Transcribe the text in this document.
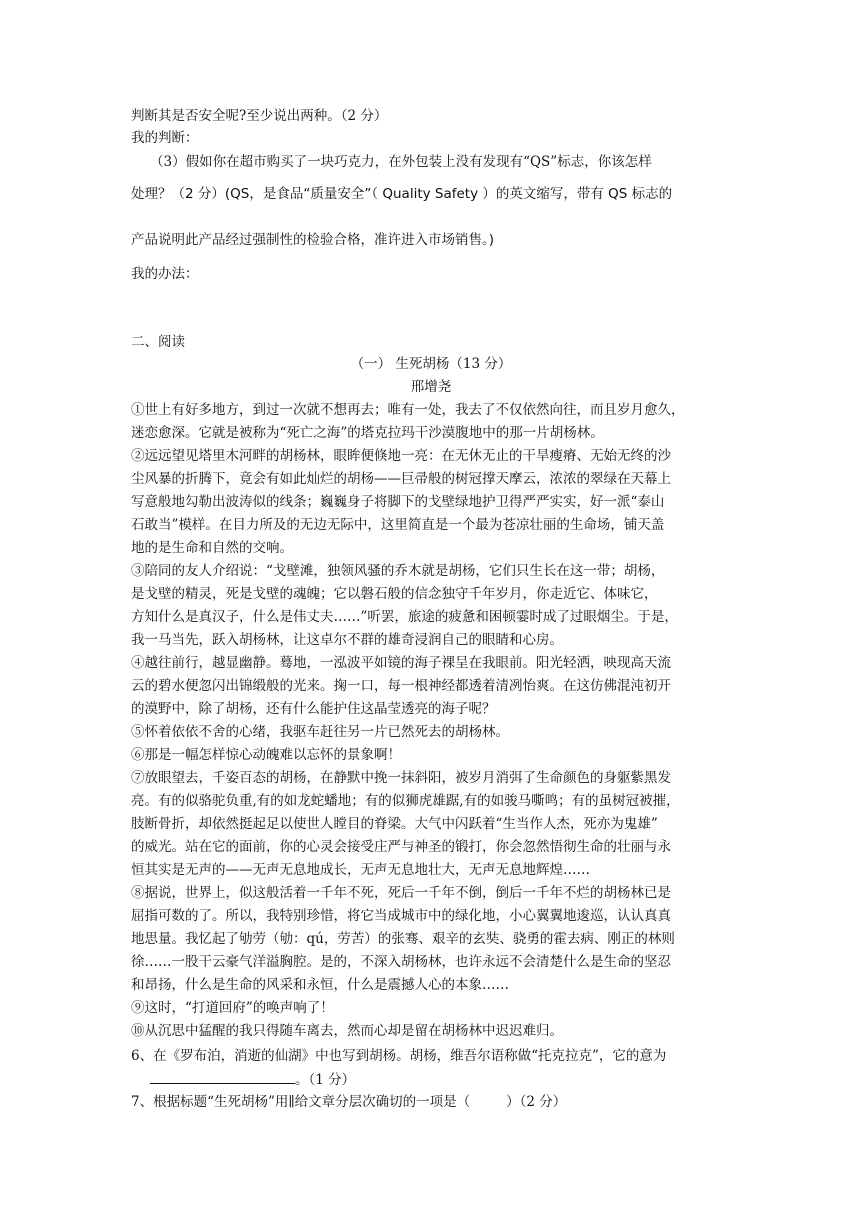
判断其是否安全呢?至少说出两种。（2 分）
我的判断：
（3）假如你在超市购买了一块巧克力，在外包装上没有发现有“QS”标志，你该怎样
处理？（2 分）(QS，是食品“质量安全”（ Quality Safety ）的英文缩写，带有 QS 标志的
产品说明此产品经过强制性的检验合格，准许进入市场销售。)
我的办法：
二、阅读
（一） 生死胡杨（13 分）
邢增尧
①世上有好多地方，到过一次就不想再去；唯有一处，我去了不仅依然向往，而且岁月愈久，
迷恋愈深。它就是被称为“死亡之海”的塔克拉玛干沙漠腹地中的那一片胡杨林。
②远远望见塔里木河畔的胡杨林，眼眸便倏地一亮：在无休无止的干旱瘦瘠、无始无终的沙
尘风暴的折腾下，竟会有如此灿烂的胡杨——巨帚般的树冠撑天摩云，浓浓的翠绿在天幕上
写意般地勾勒出波涛似的线条；巍巍身子将脚下的戈壁绿地护卫得严严实实，好一派“泰山
石敢当”模样。在目力所及的无边无际中，这里简直是一个最为苍凉壮丽的生命场，铺天盖
地的是生命和自然的交响。
③陪同的友人介绍说：“戈壁滩，独领风骚的乔木就是胡杨，它们只生长在这一带；胡杨，
是戈壁的精灵，死是戈壁的魂魄；它以磐石般的信念独守千年岁月，你走近它、体味它，
方知什么是真汉子，什么是伟丈夫……”听罢，旅途的疲惫和困顿霎时成了过眼烟尘。于是，
我一马当先，跃入胡杨林，让这卓尔不群的雄奇浸润自己的眼睛和心房。
④越往前行，越显幽静。蓦地，一泓波平如镜的海子裸呈在我眼前。阳光轻洒，映现高天流
云的碧水便忽闪出锦缎般的光来。掬一口，每一根神经都透着清冽怡爽。在这仿佛混沌初开
的漠野中，除了胡杨，还有什么能护住这晶莹透亮的海子呢？
⑤怀着依依不舍的心绪，我驱车赶往另一片已然死去的胡杨林。
⑥那是一幅怎样惊心动魄难以忘怀的景象啊！
⑦放眼望去，千姿百态的胡杨，在静默中挽一抹斜阳，被岁月消弭了生命颜色的身躯紫黑发
亮。有的似骆驼负重,有的如龙蛇蟠地；有的似狮虎雄踞,有的如骏马嘶鸣；有的虽树冠被摧，
肢断骨折，却依然挺起足以使世人瞠目的脊梁。大气中闪跃着“生当作人杰，死亦为鬼雄”
的威光。站在它的面前，你的心灵会接受庄严与神圣的锻打，你会忽然悟彻生命的壮丽与永
恒其实是无声的——无声无息地成长，无声无息地壮大，无声无息地辉煌……
⑧据说，世界上，似这般活着一千年不死，死后一千年不倒，倒后一千年不烂的胡杨林已是
屈指可数的了。所以，我特别珍惜，将它当成城市中的绿化地，小心翼翼地逡巡，认认真真
地思量。我忆起了劬劳（劬：qú，劳苦）的张骞、艰辛的玄奘、骁勇的霍去病、刚正的林则
徐……一股干云豪气洋溢胸腔。是的，不深入胡杨林，也许永远不会清楚什么是生命的坚忍
和昂扬，什么是生命的风采和永恒，什么是震撼人心的本象……
⑨这时，“打道回府”的唤声响了！
⑩从沉思中猛醒的我只得随车离去，然而心却是留在胡杨林中迟迟难归。
6、在《罗布泊，消逝的仙湖》中也写到胡杨。胡杨，维吾尔语称做“托克拉克”，它的意为
。（1 分）
7、根据标题“生死胡杨”用∥给文章分层次确切的一项是（	）（2 分）
